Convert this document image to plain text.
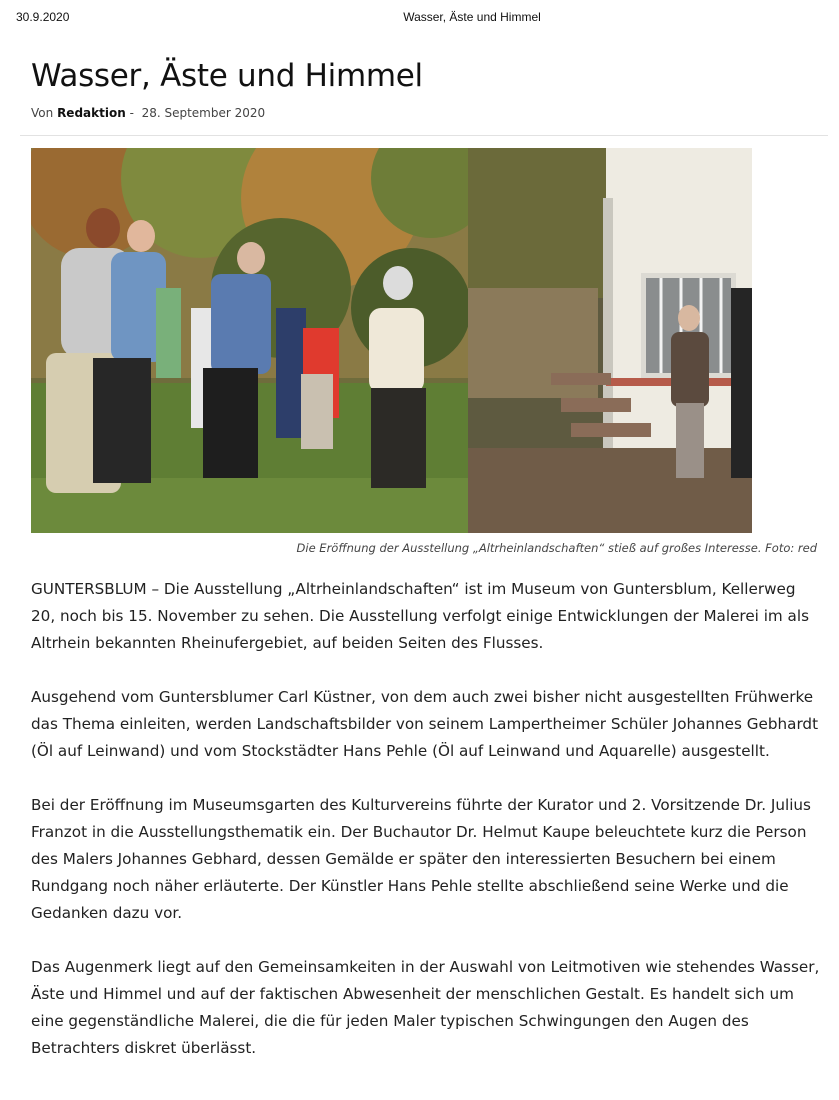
30.9.2020	Wasser, Äste und Himmel
Wasser, Äste und Himmel
Von Redaktion - 28. September 2020
Die Eröffnung der Ausstellung „Altrheinlandschaften“ stieß auf großes Interesse. Foto: red

GUNTERSBLUM – Die Ausstellung „Altrheinlandschaften“ ist im Museum von Guntersblum, Kellerweg 20, noch bis 15. November zu sehen. Die Ausstellung verfolgt einige Entwicklungen der Malerei im als Altrhein bekannten Rheinufergebiet, auf beiden Seiten des Flusses.

Ausgehend vom Guntersblumer Carl Küstner, von dem auch zwei bisher nicht ausgestellten Frühwerke das Thema einleiten, werden Landschaftsbilder von seinem Lampertheimer Schüler Johannes Gebhardt (Öl auf Leinwand) und vom Stockstädter Hans Pehle (Öl auf Leinwand und Aquarelle) ausgestellt.

Bei der Eröffnung im Museumsgarten des Kulturvereins führte der Kurator und 2. Vorsitzende Dr. Julius Franzot in die Ausstellungsthematik ein. Der Buchautor Dr. Helmut Kaupe beleuchtete kurz die Person des Malers Johannes Gebhard, dessen Gemälde er später den interessierten Besuchern bei einem Rundgang noch näher erläuterte. Der Künstler Hans Pehle stellte abschließend seine Werke und die Gedanken dazu vor.

Das Augenmerk liegt auf den Gemeinsamkeiten in der Auswahl von Leitmotiven wie stehendes Wasser, Äste und Himmel und auf der faktischen Abwesenheit der menschlichen Gestalt. Es handelt sich um eine gegenständliche Malerei, die die für jeden Maler typischen Schwingungen den Augen des Betrachters diskret überlässt.
